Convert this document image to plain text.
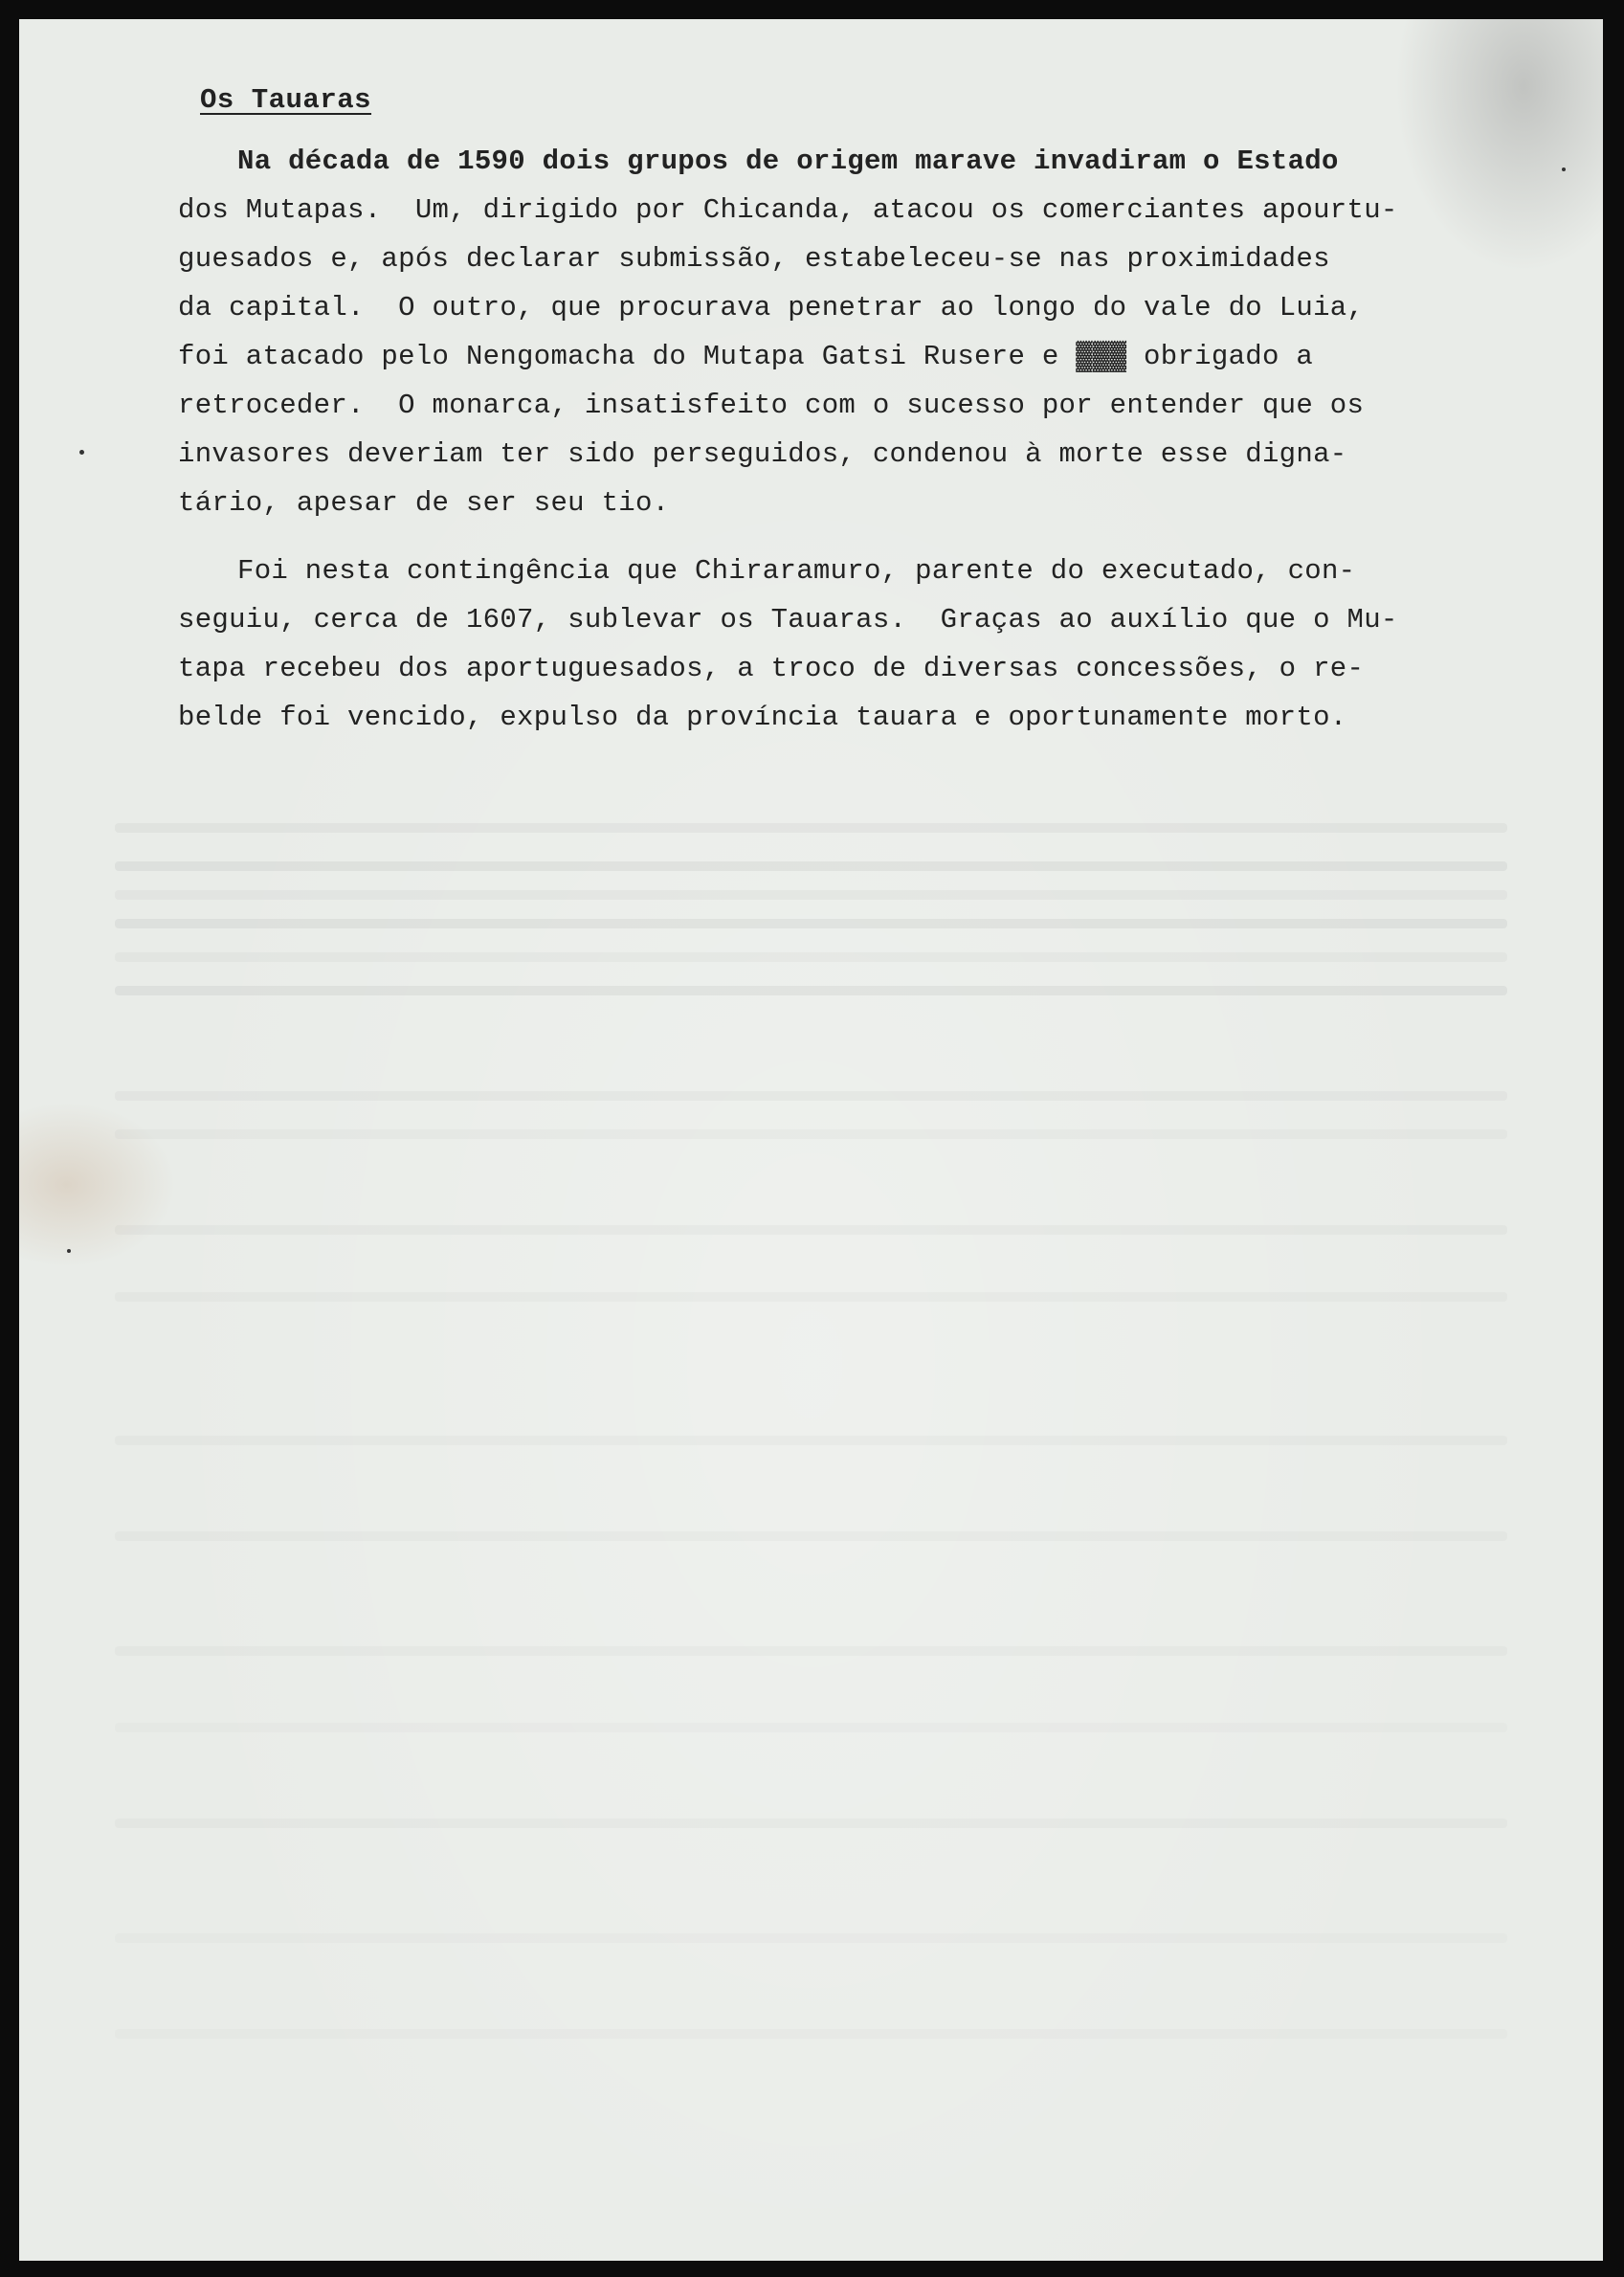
Os Tauaras
Na década de 1590 dois grupos de origem marave invadiram o Estado
dos Mutapas.  Um, dirigido por Chicanda, atacou os comerciantes apourtu-
guesados e, após declarar submissão, estabeleceu-se nas proximidades
da capital.  O outro, que procurava penetrar ao longo do vale do Luia,
foi atacado pelo Nengomacha do Mutapa Gatsi Rusere e ▓▓▓ obrigado a
retroceder.  O monarca, insatisfeito com o sucesso por entender que os
invasores deveriam ter sido perseguidos, condenou à morte esse digna-
tário, apesar de ser seu tio.
Foi nesta contingência que Chiraramuro, parente do executado, con-
seguiu, cerca de 1607, sublevar os Tauaras.  Graças ao auxílio que o Mu-
tapa recebeu dos aportuguesados, a troco de diversas concessões, o re-
belde foi vencido, expulso da província tauara e oportunamente morto.
